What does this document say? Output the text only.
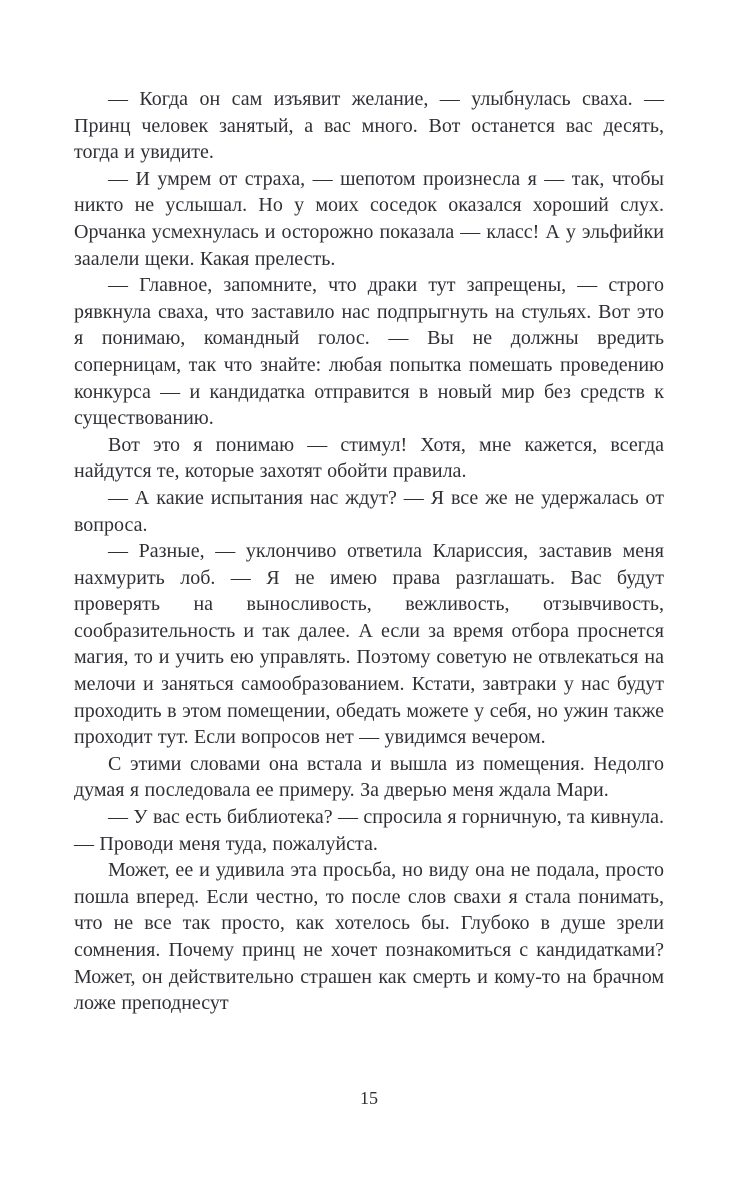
— Когда он сам изъявит желание, — улыбнулась сваха. — Принц человек занятый, а вас много. Вот останется вас десять, тогда и увидите.

— И умрем от страха, — шепотом произнесла я — так, чтобы никто не услышал. Но у моих соседок оказался хороший слух. Орчанка усмехнулась и осторожно показала — класс! А у эльфийки заалели щеки. Какая прелесть.

— Главное, запомните, что драки тут запрещены, — строго рявкнула сваха, что заставило нас подпрыгнуть на стульях. Вот это я понимаю, командный голос. — Вы не должны вредить соперницам, так что знайте: любая попытка помешать проведению конкурса — и кандидатка отправится в новый мир без средств к существованию.

Вот это я понимаю — стимул! Хотя, мне кажется, всегда найдутся те, которые захотят обойти правила.

— А какие испытания нас ждут? — Я все же не удержалась от вопроса.

— Разные, — уклончиво ответила Клариссия, заставив меня нахмурить лоб. — Я не имею права разглашать. Вас будут проверять на выносливость, вежливость, отзывчивость, сообразительность и так далее. А если за время отбора проснется магия, то и учить ею управлять. Поэтому советую не отвлекаться на мелочи и заняться самообразованием. Кстати, завтраки у нас будут проходить в этом помещении, обедать можете у себя, но ужин также проходит тут. Если вопросов нет — увидимся вечером.

С этими словами она встала и вышла из помещения. Недолго думая я последовала ее примеру. За дверью меня ждала Мари.

— У вас есть библиотека? — спросила я горничную, та кивнула. — Проводи меня туда, пожалуйста.

Может, ее и удивила эта просьба, но виду она не подала, просто пошла вперед. Если честно, то после слов свахи я стала понимать, что не все так просто, как хотелось бы. Глубоко в душе зрели сомнения. Почему принц не хочет познакомиться с кандидатками? Может, он действительно страшен как смерть и кому-то на брачном ложе преподнесут

15
